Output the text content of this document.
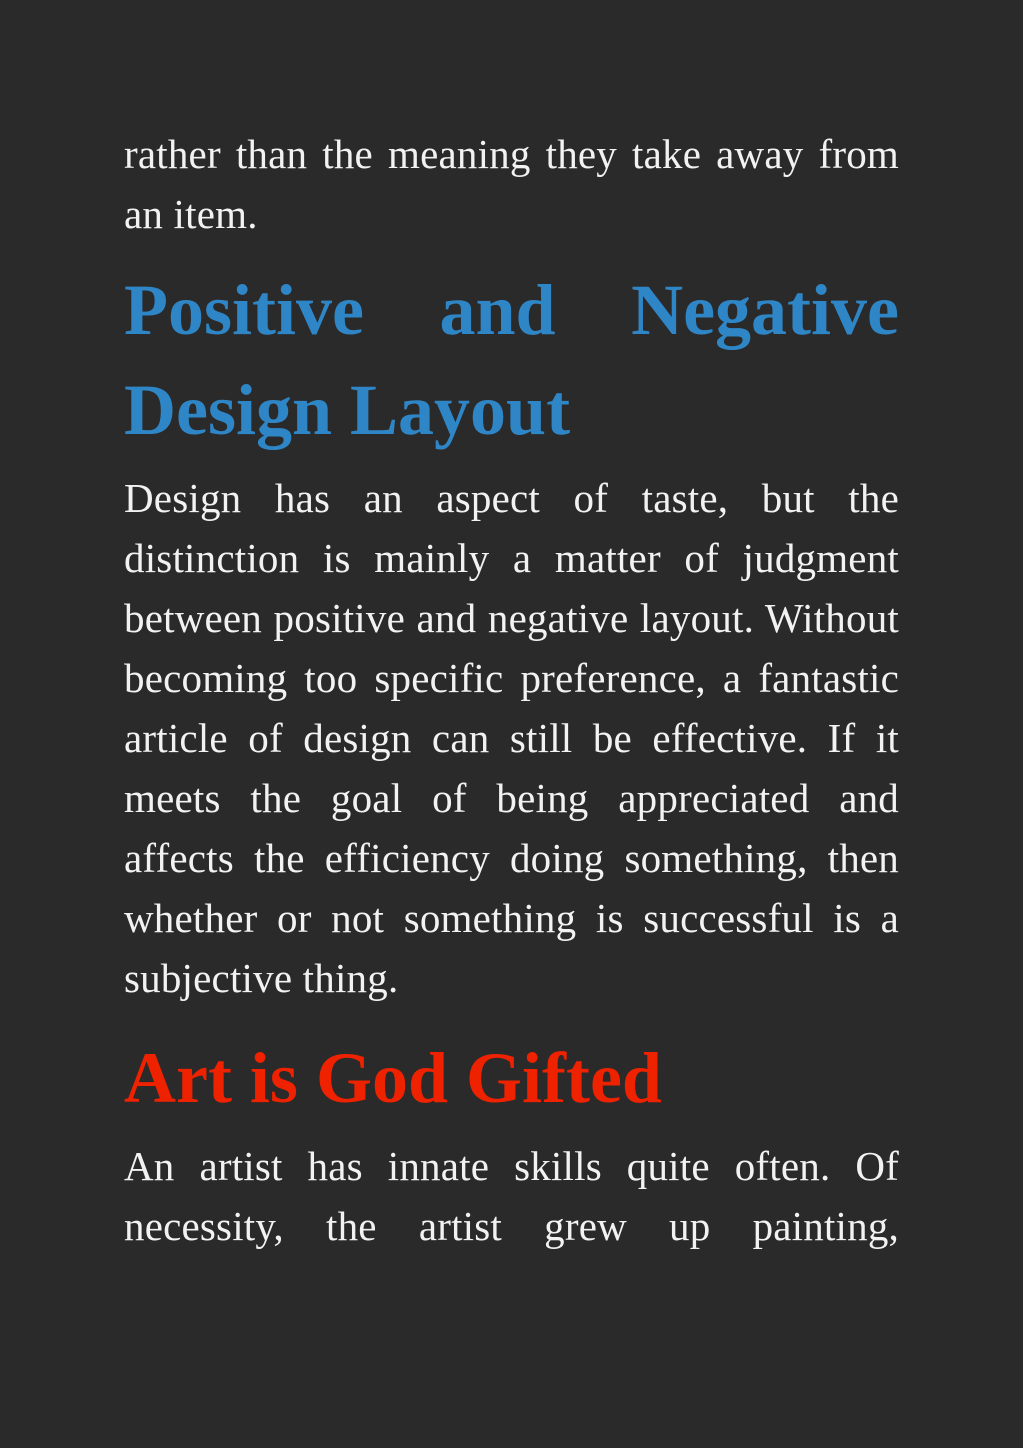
rather than the meaning they take away from an item.

Positive and Negative Design Layout

Design has an aspect of taste, but the distinction is mainly a matter of judgment between positive and negative layout. Without becoming too specific preference, a fantastic article of design can still be effective. If it meets the goal of being appreciated and affects the efficiency doing something, then whether or not something is successful is a subjective thing.

Art is God Gifted

An artist has innate skills quite often. Of necessity, the artist grew up painting,
